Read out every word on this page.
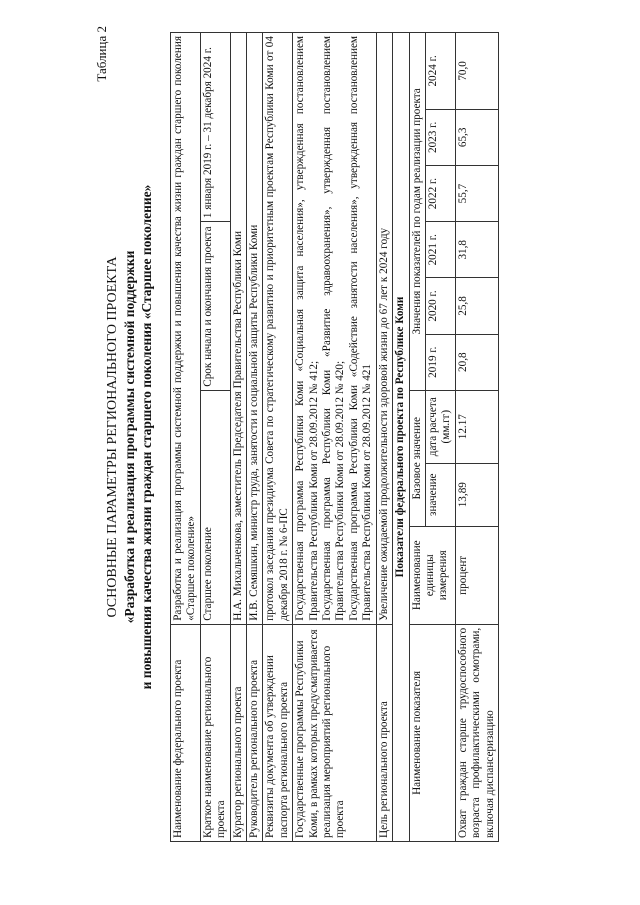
Таблица 2
ОСНОВНЫЕ ПАРАМЕТРЫ РЕГИОНАЛЬНОГО ПРОЕКТА «Разработка и реализация программы системной поддержки и повышения качества жизни граждан старшего поколения «Старшее поколение»
Наименование федерального проекта	Разработка и реализация программы системной поддержки и повышения качества жизни граждан старшего поколения «Старшее поколение»								
Краткое наименование регионального проекта	Старшее поколение			Срок начала и окончания проекта			1 января 2019 г. – 31 декабря 2024 г.		
Куратор регионального проекта	Н.А. Михальченкова, заместитель Председателя Правительства Республики Коми								
Руководитель регионального проекта	И.В. Семяшкин, министр труда, занятости и социальной защиты Республики Коми								
Реквизиты документа об утверждении паспорта регионального проекта	протокол заседания президиума Совета по стратегическому развитию и приоритетным проектам Республики Коми от 04 декабря 2018 г. № 6-ПС								
Государственные программы Республики Коми, в рамках которых предусматривается реализация мероприятий регионального проекта	Государственная программа Республики Коми «Социальная защита населения», утвержденная постановлением Правительства Республики Коми от 28.09.2012 № 412; Государственная программа Республики Коми «Развитие здравоохранения», утвержденная постановлением Правительства Республики Коми от 28.09.2012 № 420; Государственная программа Республики Коми «Содействие занятости населения», утвержденная постановлением Правительства Республики Коми от 28.09.2012 № 421								

Цель регионального проекта	Увеличение ожидаемой продолжительности здоровой жизни до 67 лет к 2024 году								
Показатели федерального проекта по Республике Коми									
Наименование показателя	Наименование единицы измерения	Базовое значение		Значения показателей по годам реализации проекта					
		значение	дата расчета (мм.гг)	2019 г.	2020 г.	2021 г.	2022 г.	2023 г.	2024 г.
Охват граждан старше трудоспособного возраста профилактическими осмотрами, включая диспансеризацию	процент	13,89	12.17	20,8	25,8	31,8	55,7	65,3	70,0
